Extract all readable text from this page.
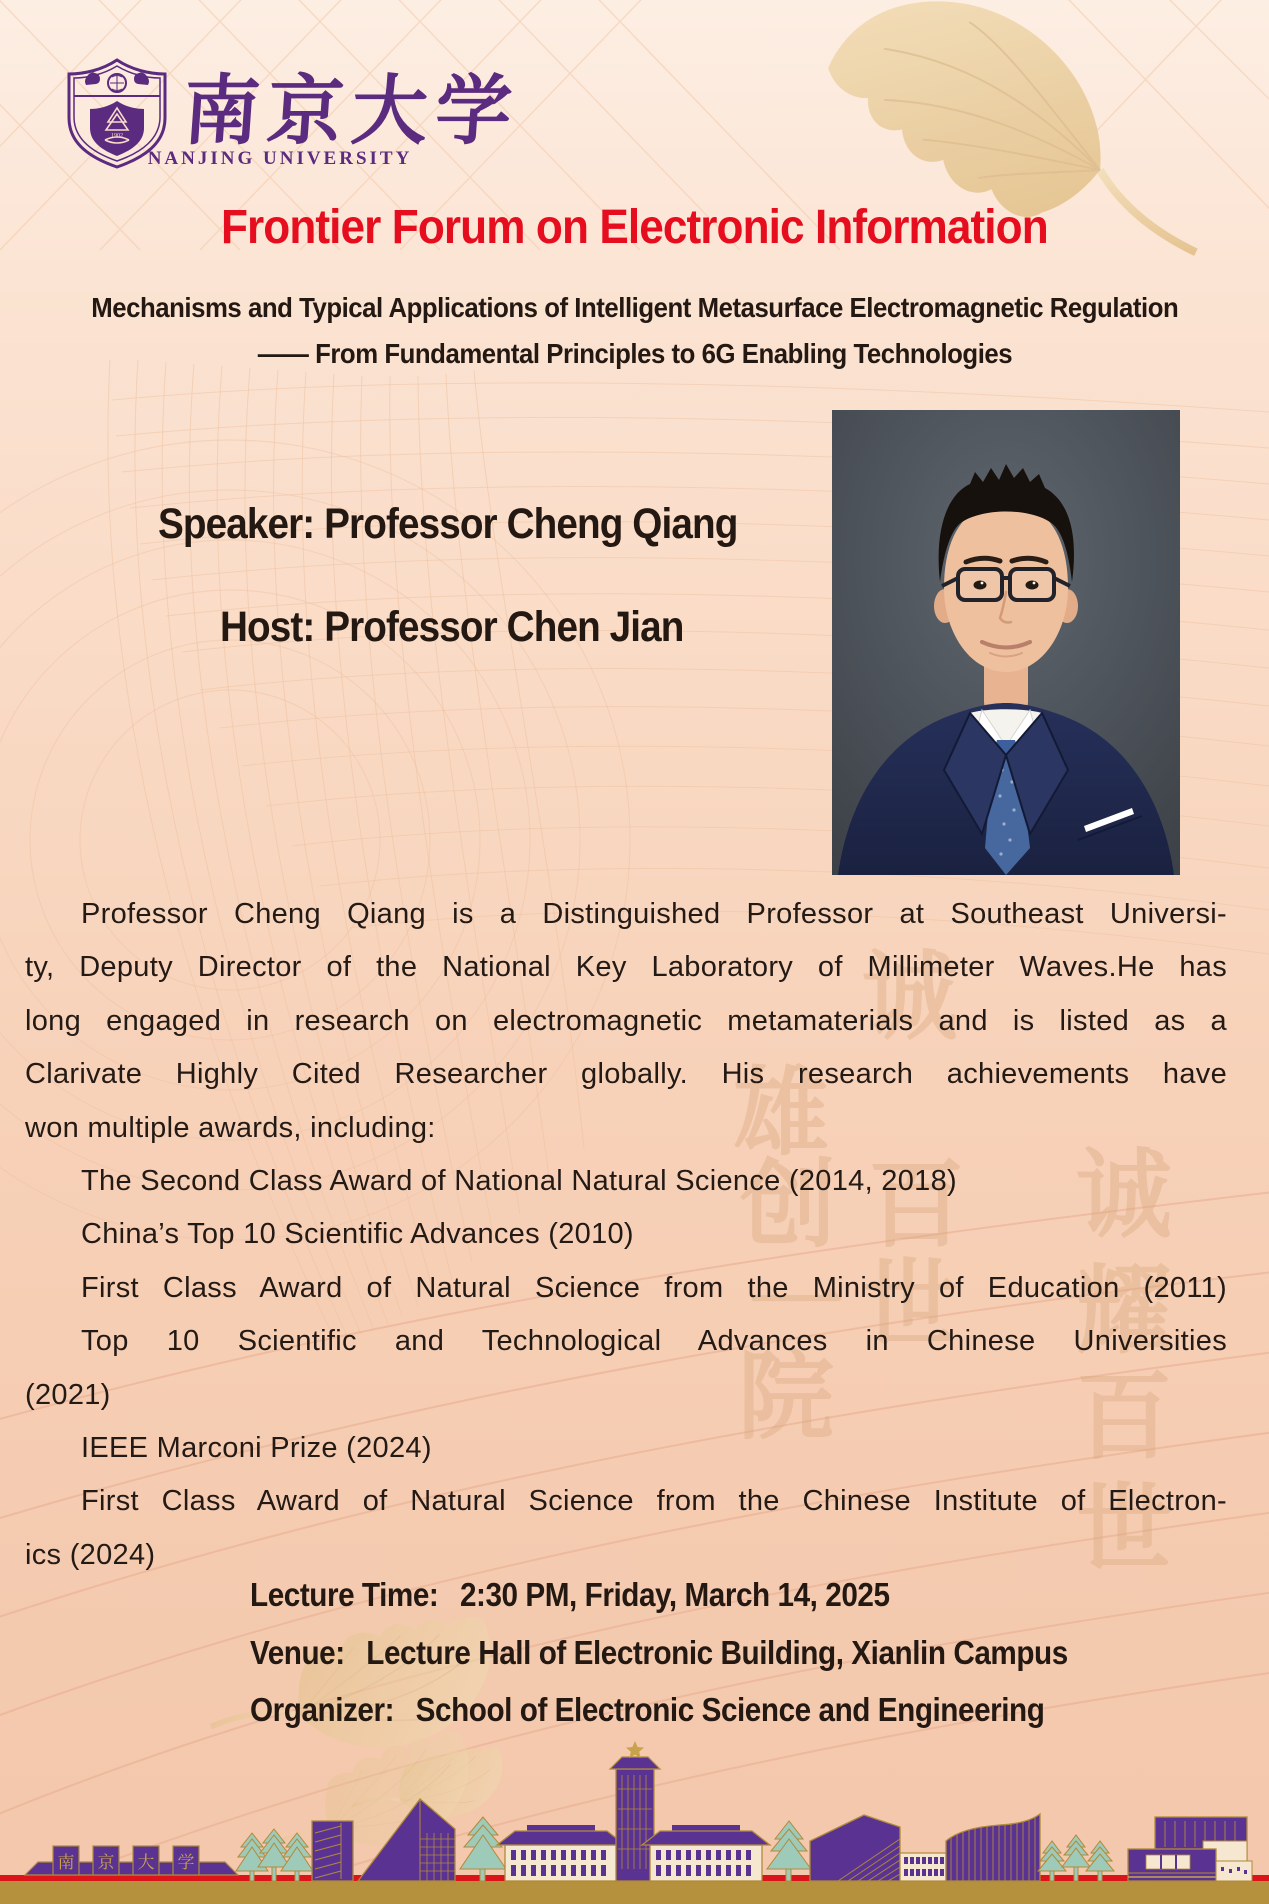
诚
雄
创 百
一 世
院
诚
耀
百
世
1902 南京大学
NANJING UNIVERSITY
Frontier Forum on Electronic Information
Mechanisms and Typical Applications of Intelligent Metasurface Electromagnetic Regulation
—— From Fundamental Principles to 6G Enabling Technologies
Speaker: Professor Cheng Qiang
Host: Professor Chen Jian
Professor Cheng Qiang is a Distinguished Professor at Southeast Universi-
ty, Deputy Director of the National Key Laboratory of Millimeter Waves.He has
long engaged in research on electromagnetic metamaterials and is listed as a
Clarivate Highly Cited Researcher globally. His research achievements have
won multiple awards, including:
The Second Class Award of National Natural Science (2014, 2018)
China’s Top 10 Scientific Advances (2010)
First Class Award of Natural Science from the Ministry of Education (2011)
Top 10 Scientific and Technological Advances in Chinese Universities
(2021)
IEEE Marconi Prize (2024)
First Class Award of Natural Science from the Chinese Institute of Electron-
ics (2024)
Lecture Time: 2:30 PM, Friday, March 14, 2025
Venue: Lecture Hall of Electronic Building, Xianlin Campus
Organizer: School of Electronic Science and Engineering
南 京 大 学
